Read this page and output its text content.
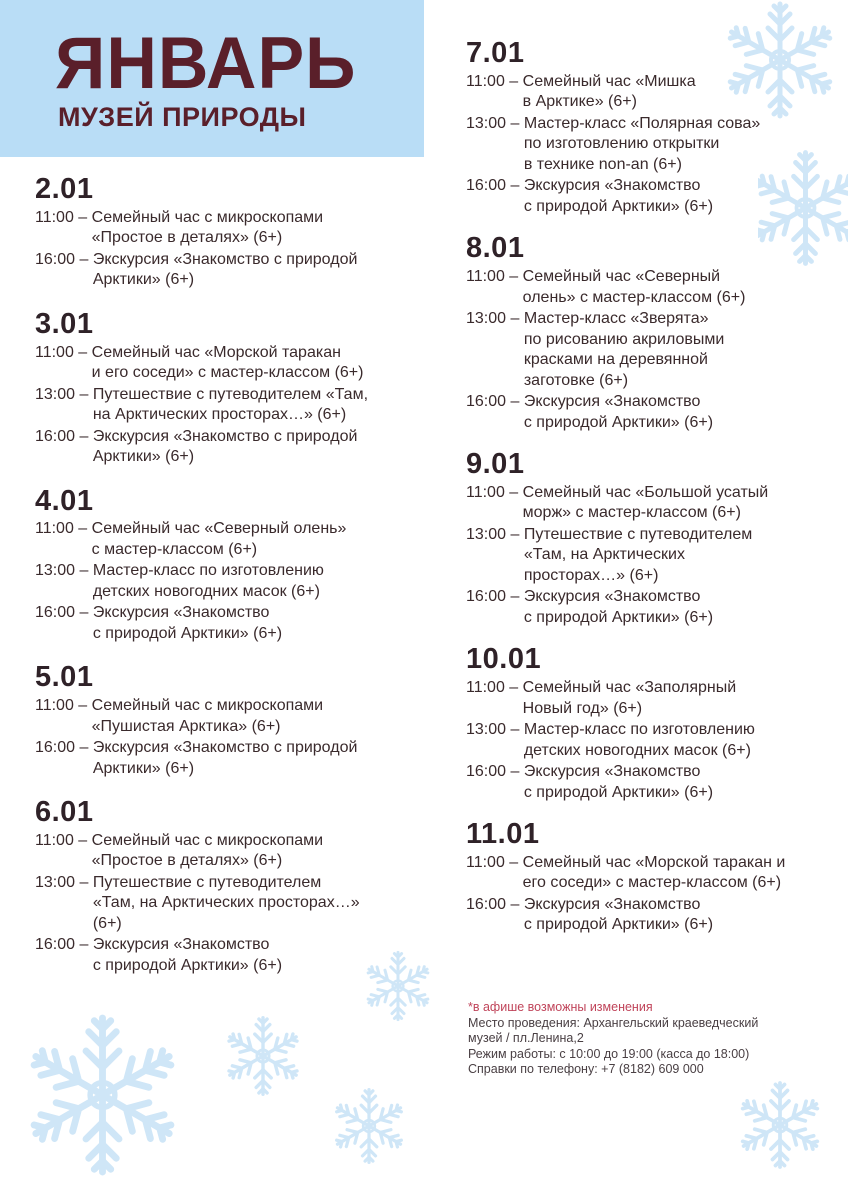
ЯНВАРЬ
МУЗЕЙ ПРИРОДЫ
2.01
11:00 – Семейный час с микроскопами
«Простое в деталях» (6+)
16:00 – Экскурсия «Знакомство с природой
Арктики» (6+)
3.01
11:00 – Семейный час «Морской таракан
и его соседи» с мастер-классом (6+)
13:00 – Путешествие с путеводителем «Там,
на Арктических просторах…» (6+)
16:00 – Экскурсия «Знакомство с природой
Арктики» (6+)
4.01
11:00 – Семейный час «Северный олень»
с мастер-классом (6+)
13:00 – Мастер-класс по изготовлению
детских новогодних масок (6+)
16:00 – Экскурсия «Знакомство
с природой Арктики» (6+)
5.01
11:00 – Семейный час с микроскопами
«Пушистая Арктика» (6+)
16:00 – Экскурсия «Знакомство с природой
Арктики» (6+)
6.01
11:00 – Семейный час с микроскопами
«Простое в деталях» (6+)
13:00 – Путешествие с путеводителем
«Там, на Арктических просторах…»
(6+)
16:00 – Экскурсия «Знакомство
с природой Арктики» (6+)
7.01
11:00 – Семейный час «Мишка
в Арктике» (6+)
13:00 – Мастер-класс «Полярная сова»
по изготовлению открытки
в технике non-an (6+)
16:00 – Экскурсия «Знакомство
с природой Арктики» (6+)
8.01
11:00 – Семейный час «Северный
олень» с мастер-классом (6+)
13:00 – Мастер-класс «Зверята»
по рисованию акриловыми
красками на деревянной
заготовке (6+)
16:00 – Экскурсия «Знакомство
с природой Арктики» (6+)
9.01
11:00 – Семейный час «Большой усатый
морж» с мастер-классом (6+)
13:00 – Путешествие с путеводителем
«Там, на Арктических
просторах…» (6+)
16:00 – Экскурсия «Знакомство
с природой Арктики» (6+)
10.01
11:00 – Семейный час «Заполярный
Новый год» (6+)
13:00 – Мастер-класс по изготовлению
детских новогодних масок (6+)
16:00 – Экскурсия «Знакомство
с природой Арктики» (6+)
11.01
11:00 – Семейный час «Морской таракан и
его соседи» с мастер-классом (6+)
16:00 – Экскурсия «Знакомство
с природой Арктики» (6+)
*в афише возможны изменения
Место проведения: Архангельский краеведческий
музей / пл.Ленина,2
Режим работы: с 10:00 до 19:00 (касса до 18:00)
Справки по телефону: +7 (8182) 609 000
